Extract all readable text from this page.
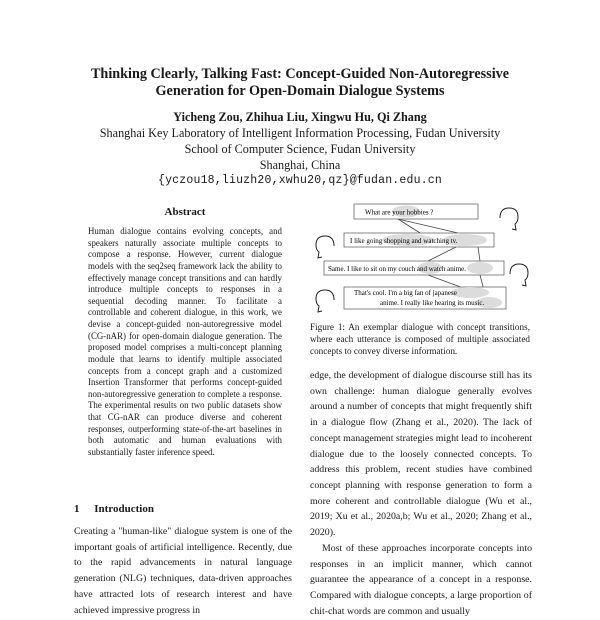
Thinking Clearly, Talking Fast: Concept-Guided Non-Autoregressive
Generation for Open-Domain Dialogue Systems
Yicheng Zou, Zhihua Liu, Xingwu Hu, Qi Zhang
Shanghai Key Laboratory of Intelligent Information Processing, Fudan University
School of Computer Science, Fudan University
Shanghai, China
{yczou18,liuzh20,xwhu20,qz}@fudan.edu.cn
Abstract

Human dialogue contains evolving concepts, and speakers naturally associate multiple concepts to compose a response. However, current dialogue models with the seq2seq framework lack the ability to effectively manage concept transitions and can hardly introduce multiple concepts to responses in a sequential decoding manner. To facilitate a controllable and coherent dialogue, in this work, we devise a concept-guided non-autoregressive model (CG-nAR) for open-domain dialogue generation. The proposed model comprises a multi-concept planning module that learns to identify multiple associated concepts from a concept graph and a customized Insertion Transformer that performs concept-guided non-autoregressive generation to complete a response. The experimental results on two public datasets show that CG-nAR can produce diverse and coherent responses, outperforming state-of-the-art baselines in both automatic and human evaluations with substantially faster inference speed.

1 Introduction

Creating a "human-like" dialogue system is one of the important goals of artificial intelligence. Recently, due to the rapid advancements in natural language generation (NLG) techniques, data-driven approaches have attracted lots of research interest and have achieved impressive progress in

What are your hobbies ?
I like going shopping and watching tv.
Same. I like to sit on my couch and watch anime.
That's cool. I'm a big fan of japanese
anime. I really like hearing its music.

Figure 1: An exemplar dialogue with concept transitions, where each utterance is composed of multiple associated concepts to convey diverse information.

edge, the development of dialogue discourse still has its own challenge: human dialogue generally evolves around a number of concepts that might frequently shift in a dialogue flow (Zhang et al., 2020). The lack of concept management strategies might lead to incoherent dialogue due to the loosely connected concepts. To address this problem, recent studies have combined concept planning with response generation to form a more coherent and controllable dialogue (Wu et al., 2019; Xu et al., 2020a,b; Wu et al., 2020; Zhang et al., 2020).

Most of these approaches incorporate concepts into responses in an implicit manner, which cannot guarantee the appearance of a concept in a response. Compared with dialogue concepts, a large proportion of chit-chat words are common and usually
